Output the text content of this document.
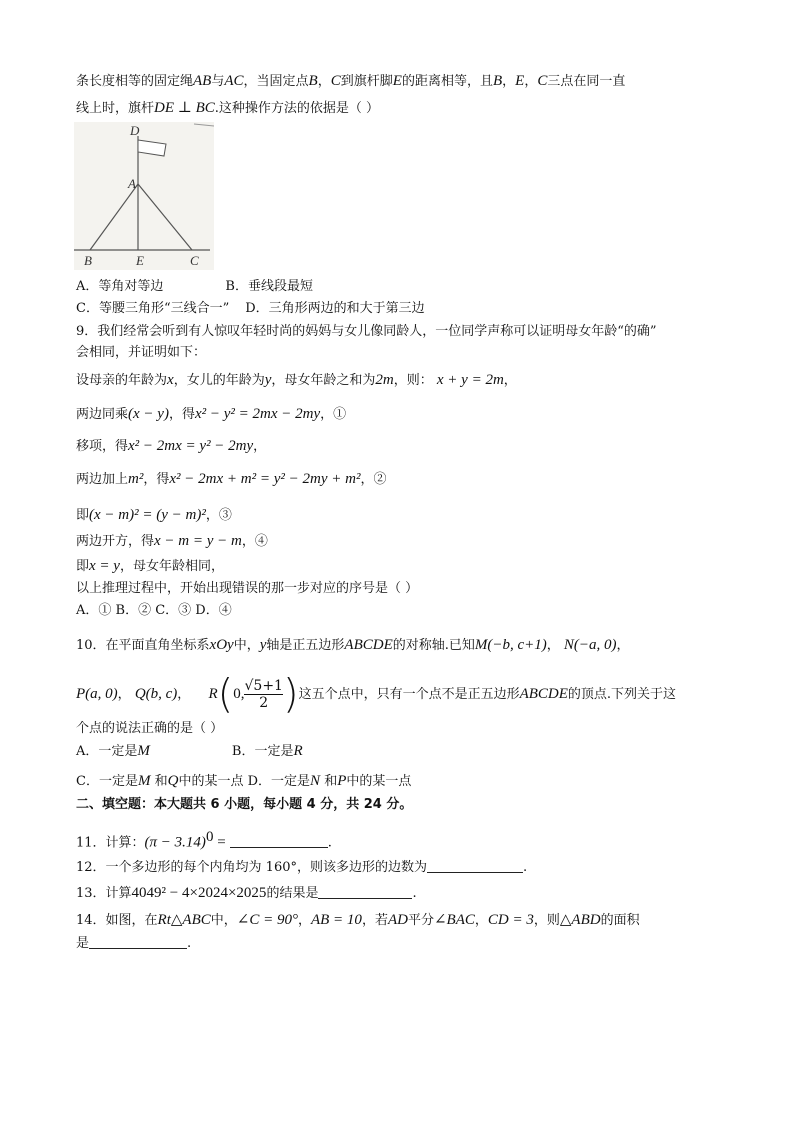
条长度相等的固定绳AB与AC，当固定点B，C到旗杆脚E的距离相等，且B，E，C三点在同一直
线上时，旗杆DE ⊥ BC.这种操作方法的依据是（ ）
D
A
B	E	C
A．等角对等边	B．垂线段最短
C．等腰三角形“三线合一” D．三角形两边的和大于第三边
9．我们经常会听到有人惊叹年轻时尚的妈妈与女儿像同龄人，一位同学声称可以证明母女年龄“的确”
会相同，并证明如下：
设母亲的年龄为x，女儿的年龄为y，母女年龄之和为2m，则： x + y = 2m，
两边同乘(x − y)，得x² − y² = 2mx − 2my，①
移项，得x² − 2mx = y² − 2my，
两边加上m²，得x² − 2mx + m² = y² − 2my + m²，②
即(x − m)² = (y − m)²，③
两边开方，得x − m = y − m，④
即x = y，母女年龄相同，
以上推理过程中，开始出现错误的那一步对应的序号是（ ）
A．① B．② C．③ D．④
10．在平面直角坐标系xOy中，y轴是正五边形ABCDE的对称轴.已知M(−b, c+1)， N(−a, 0)，
P(a, 0)， Q(b, c)， R(0, $\frac{√5+1}{2}$ )这五个点中，只有一个点不是正五边形ABCDE的顶点.下列关于这
个点的说法正确的是（ ）
A．一定是M	B．一定是R
C．一定是M 和Q中的某一点 D．一定是N 和P中的某一点
二、填空题：本大题共 6 小题，每小题 4 分，共 24 分。
11．计算：$(\pi - 3.14)^0$ =	.
12．一个多边形的每个内角均为 160°，则该多边形的边数为	.
13．计算4049² − 4×2024×2025的结果是	.
14．如图，在Rt△ABC中，∠C = 90°，AB = 10，若AD平分∠BAC，CD = 3，则△ABD的面积
是	.
